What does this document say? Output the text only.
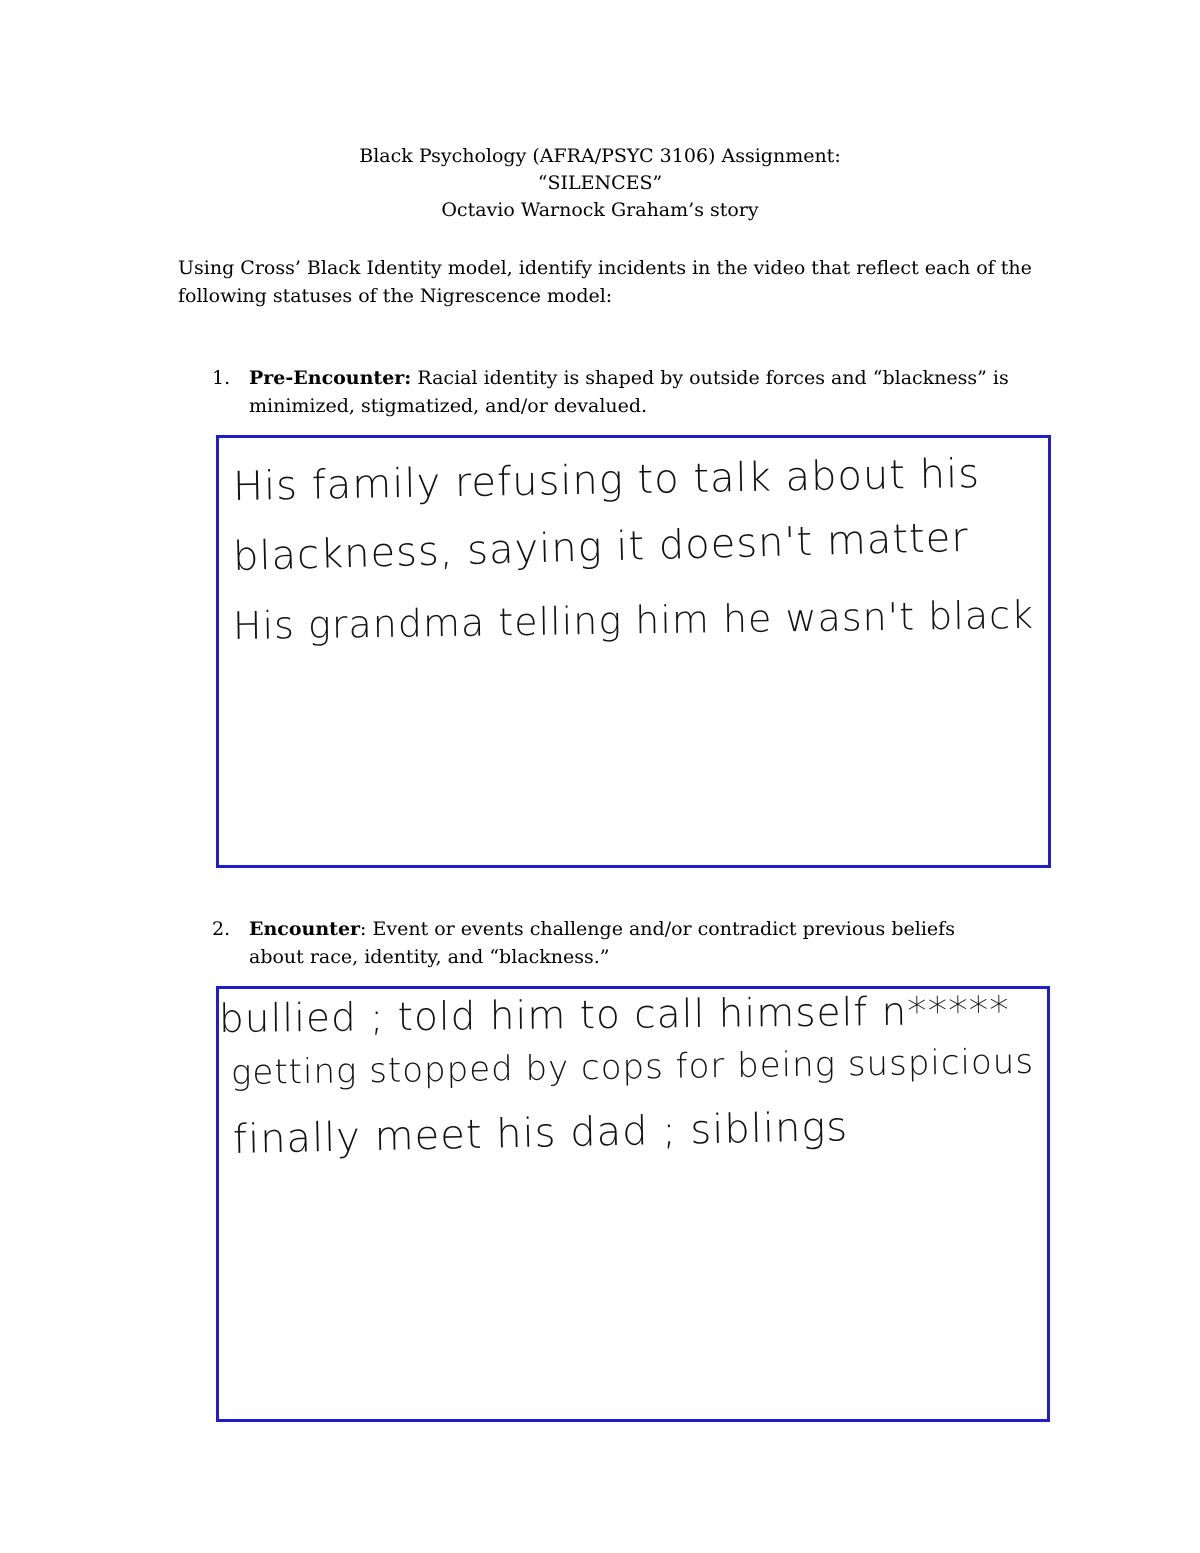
Black Psychology (AFRA/PSYC 3106) Assignment:
“SILENCES”
Octavio Warnock Graham’s story
Using Cross’ Black Identity model, identify incidents in the video that reflect each of the following statuses of the Nigrescence model:
1. Pre-Encounter: Racial identity is shaped by outside forces and “blackness” is minimized, stigmatized, and/or devalued.
His family refusing to talk about his
blackness, saying it doesn't matter
His grandma telling him he wasn't black
2. Encounter: Event or events challenge and/or contradict previous beliefs about race, identity, and “blackness.”
bullied ; told him to call himself n*****
getting stopped by cops for being suspicious
finally meet his dad ; siblings
